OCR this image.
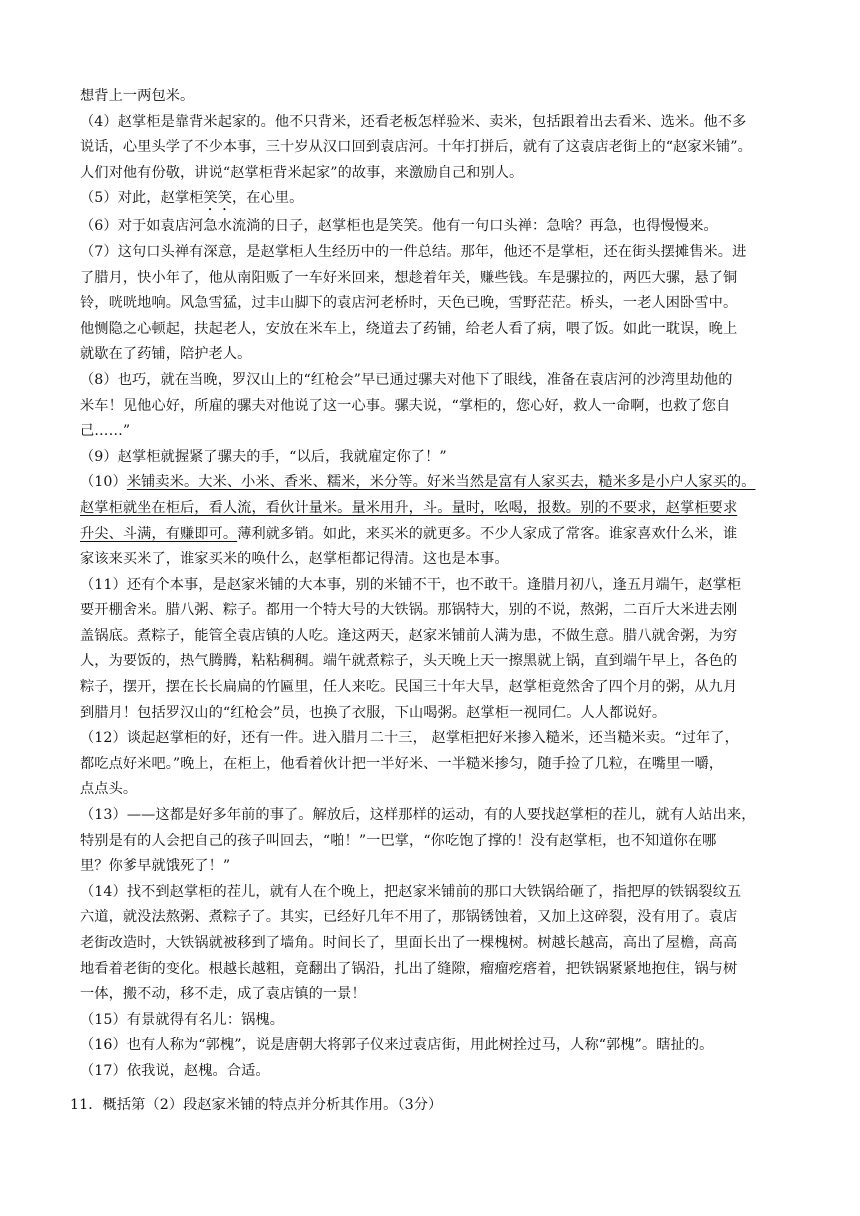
想背上一两包米。
（4）赵掌柜是靠背米起家的。他不只背米，还看老板怎样验米、卖米，包括跟着出去看米、选米。他不多
说话，心里头学了不少本事，三十岁从汉口回到袁店河。十年打拼后，就有了这袁店老街上的“赵家米铺”。
人们对他有份敬，讲说“赵掌柜背米起家”的故事，来激励自己和别人。
（5）对此，赵掌柜笑笑，在心里。
（6）对于如袁店河急水流淌的日子，赵掌柜也是笑笑。他有一句口头禅：急啥？再急，也得慢慢来。
（7）这句口头禅有深意，是赵掌柜人生经历中的一件总结。那年，他还不是掌柜，还在街头摆摊售米。进
了腊月，快小年了，他从南阳贩了一车好米回来，想趁着年关，赚些钱。车是骡拉的，两匹大骡，悬了铜
铃，咣咣地响。风急雪猛，过丰山脚下的袁店河老桥时，天色已晚，雪野茫茫。桥头，一老人困卧雪中。
他恻隐之心顿起，扶起老人，安放在米车上，绕道去了药铺，给老人看了病，喂了饭。如此一耽误，晚上
就歇在了药铺，陪护老人。
（8）也巧，就在当晚，罗汉山上的“红枪会”早已通过骡夫对他下了眼线，准备在袁店河的沙湾里劫他的
米车！见他心好，所雇的骡夫对他说了这一心事。骡夫说，“掌柜的，您心好，救人一命啊，也救了您自
己……”
（9）赵掌柜就握紧了骡夫的手，“以后，我就雇定你了！”
（10）米铺卖米。大米、小米、香米、糯米，米分等。好米当然是富有人家买去，糙米多是小户人家买的。
赵掌柜就坐在柜后，看人流，看伙计量米。量米用升，斗。量时，吆喝，报数。别的不要求，赵掌柜要求
升尖、斗满，有赚即可。薄利就多销。如此，来买米的就更多。不少人家成了常客。谁家喜欢什么米，谁
家该来买米了，谁家买米的唤什么，赵掌柜都记得清。这也是本事。
（11）还有个本事，是赵家米铺的大本事，别的米铺不干，也不敢干。逢腊月初八，逢五月端午，赵掌柜
要开棚舍米。腊八粥、粽子。都用一个特大号的大铁锅。那锅特大，别的不说，熬粥，二百斤大米进去刚
盖锅底。煮粽子，能管全袁店镇的人吃。逢这两天，赵家米铺前人满为患，不做生意。腊八就舍粥，为穷
人，为要饭的，热气腾腾，粘粘稠稠。端午就煮粽子，头天晚上天一擦黑就上锅，直到端午早上，各色的
粽子，摆开，摆在长长扁扁的竹匾里，任人来吃。民国三十年大旱，赵掌柜竟然舍了四个月的粥，从九月
到腊月！包括罗汉山的“红枪会”员，也换了衣服，下山喝粥。赵掌柜一视同仁。人人都说好。
（12）谈起赵掌柜的好，还有一件。进入腊月二十三， 赵掌柜把好米掺入糙米，还当糙米卖。“过年了，
都吃点好米吧。”晚上，在柜上，他看着伙计把一半好米、一半糙米掺匀，随手捡了几粒，在嘴里一嚼，
点点头。
（13）——这都是好多年前的事了。解放后，这样那样的运动，有的人要找赵掌柜的茬儿，就有人站出来，
特别是有的人会把自己的孩子叫回去，“啪！”一巴掌，“你吃饱了撑的！没有赵掌柜，也不知道你在哪
里？你爹早就饿死了！”
（14）找不到赵掌柜的茬儿，就有人在个晚上，把赵家米铺前的那口大铁锅给砸了，指把厚的铁锅裂纹五
六道，就没法熬粥、煮粽子了。其实，已经好几年不用了，那锅锈蚀着，又加上这碎裂，没有用了。袁店
老街改造时，大铁锅就被移到了墙角。时间长了，里面长出了一棵槐树。树越长越高，高出了屋檐，高高
地看着老街的变化。根越长越粗，竟翻出了锅沿，扎出了缝隙，瘤瘤疙瘩着，把铁锅紧紧地抱住，锅与树
一体，搬不动，移不走，成了袁店镇的一景！
（15）有景就得有名儿：锅槐。
（16）也有人称为“郭槐”，说是唐朝大将郭子仪来过袁店街，用此树拴过马，人称“郭槐”。瞎扯的。
（17）依我说，赵槐。合适。
11．概括第（2）段赵家米铺的特点并分析其作用。（3分）
